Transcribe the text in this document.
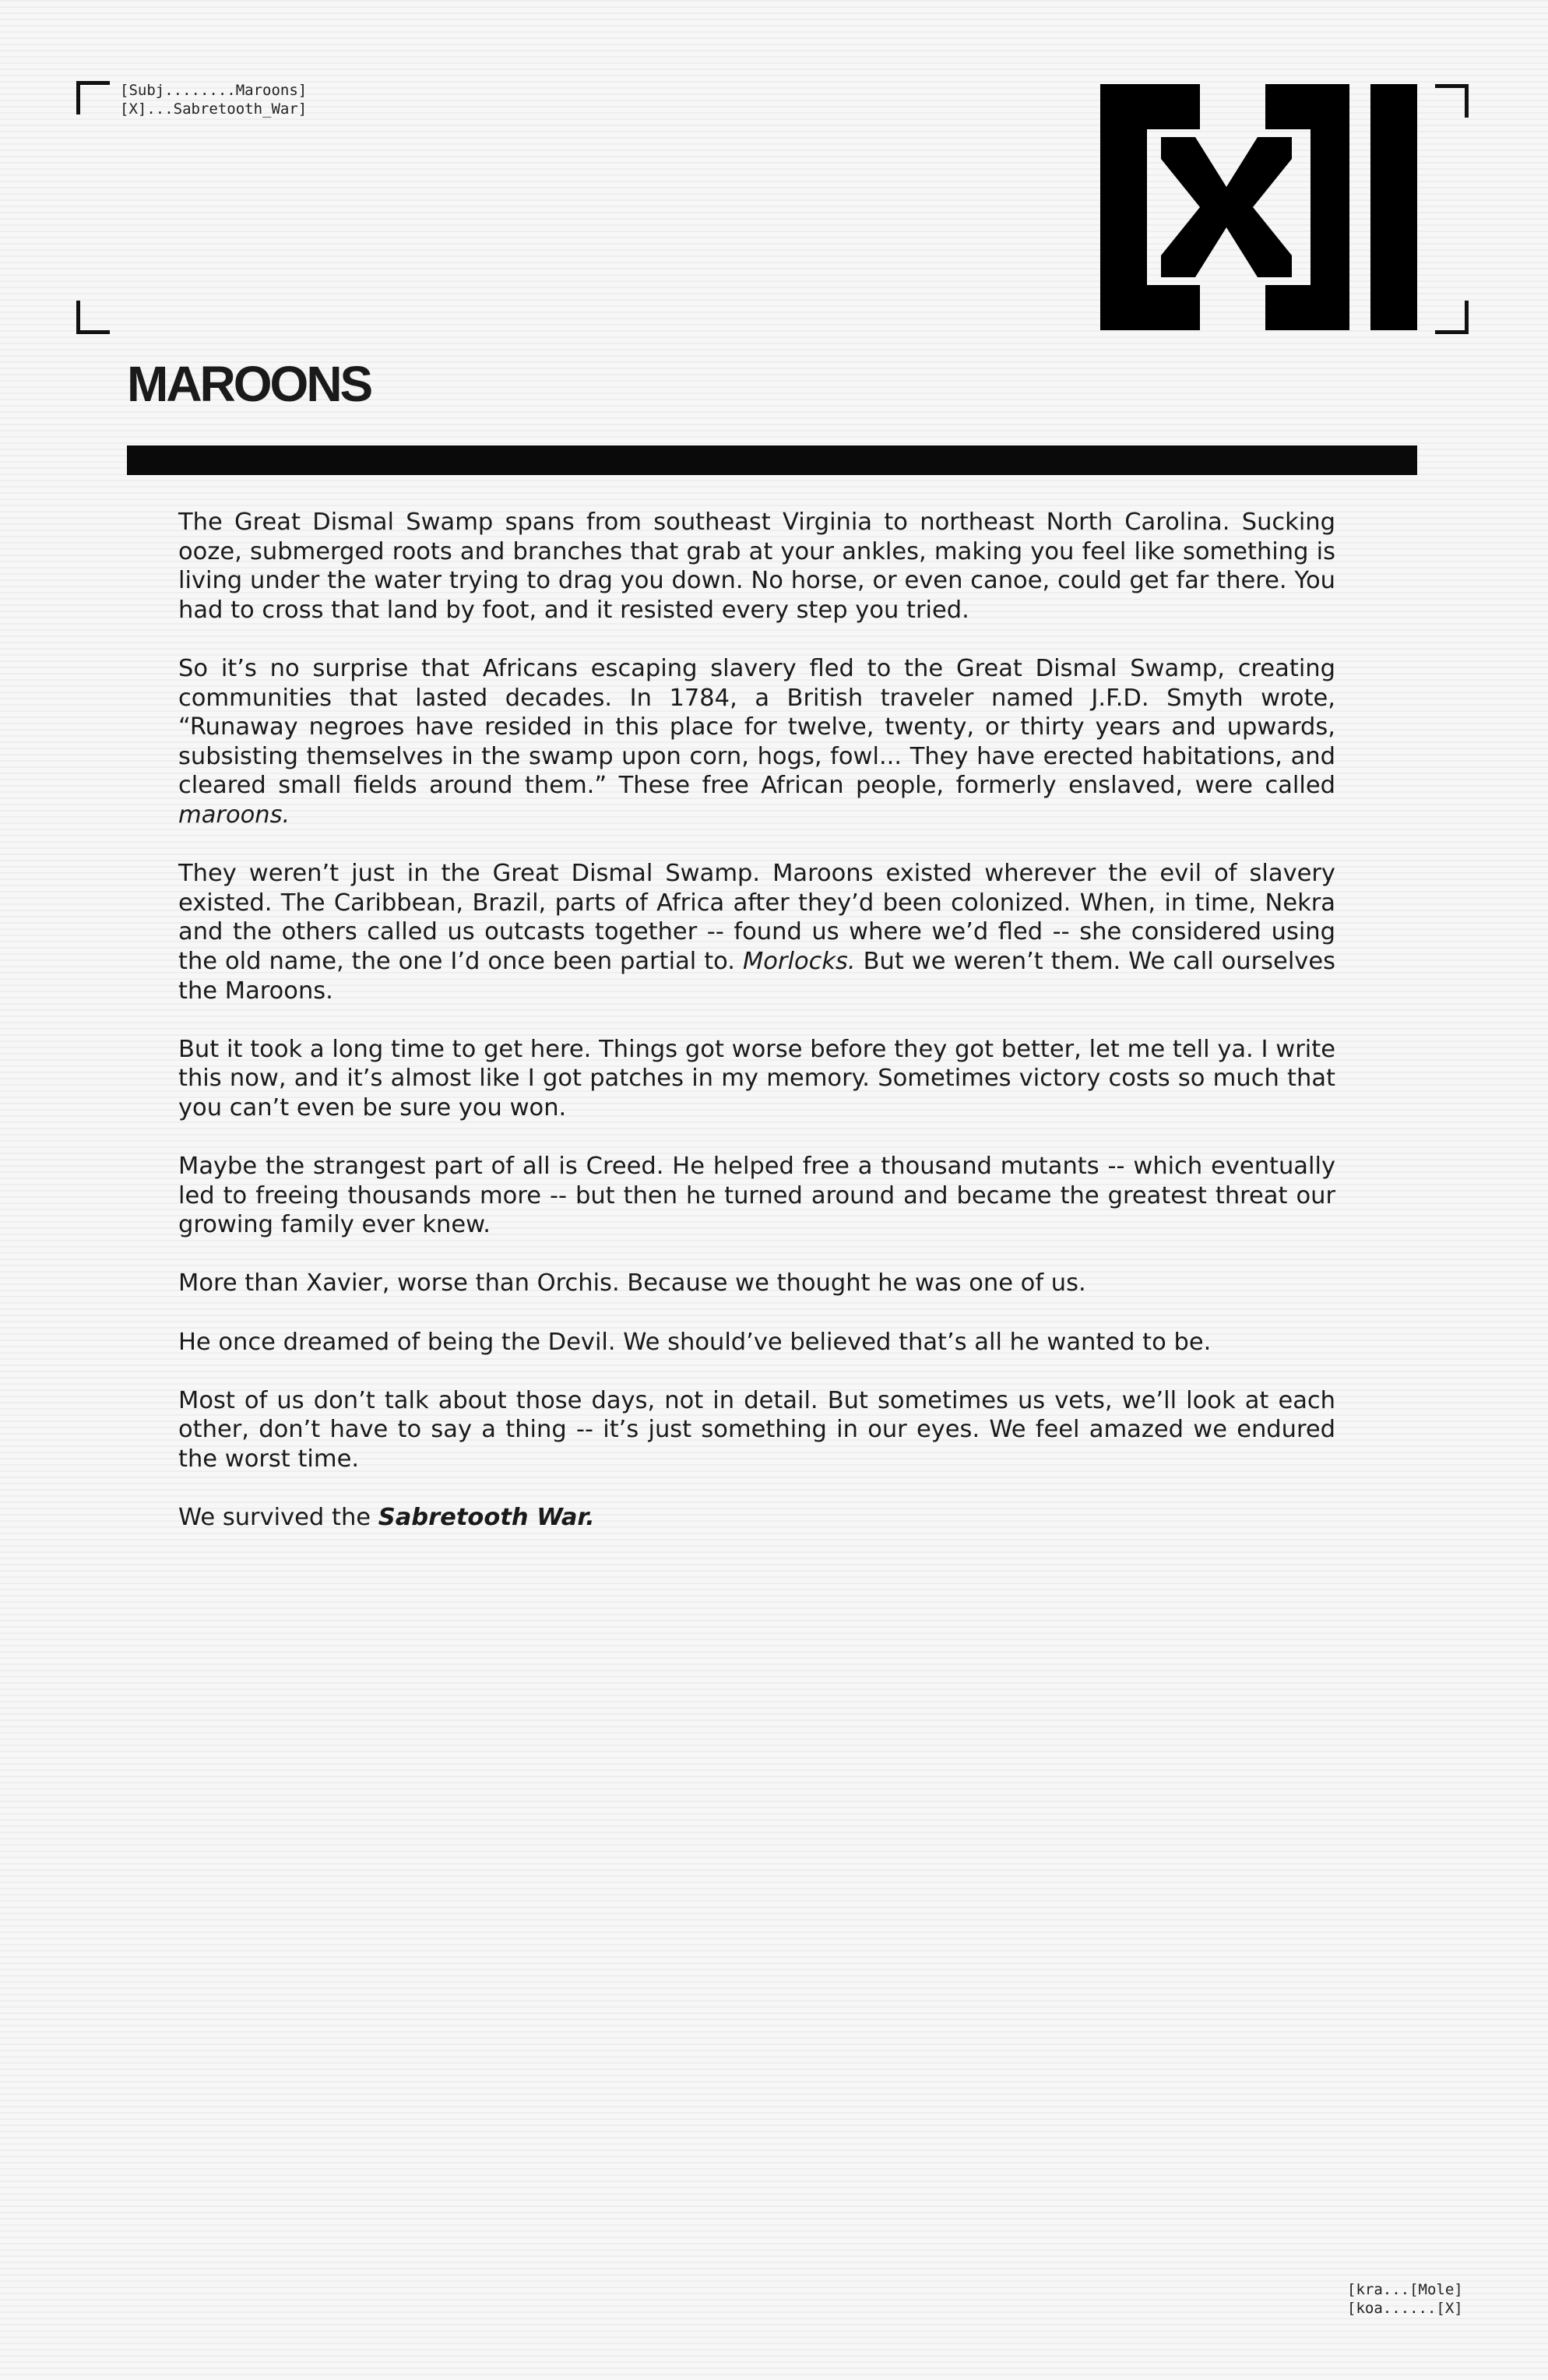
[Subj........Maroons]
[X]...Sabretooth_War]
MAROONS

The Great Dismal Swamp spans from southeast Virginia to northeast North Carolina. Sucking ooze, submerged roots and branches that grab at your ankles, making you feel like something is living under the water trying to drag you down. No horse, or even canoe, could get far there. You had to cross that land by foot, and it resisted every step you tried.

So it’s no surprise that Africans escaping slavery fled to the Great Dismal Swamp, creating communities that lasted decades. In 1784, a British traveler named J.F.D. Smyth wrote, “Runaway negroes have resided in this place for twelve, twenty, or thirty years and upwards, subsisting themselves in the swamp upon corn, hogs, fowl... They have erected habitations, and cleared small fields around them.” These free African people, formerly enslaved, were called maroons.

They weren’t just in the Great Dismal Swamp. Maroons existed wherever the evil of slavery existed. The Caribbean, Brazil, parts of Africa after they’d been colonized. When, in time, Nekra and the others called us outcasts together -- found us where we’d fled -- she considered using the old name, the one I’d once been partial to. Morlocks. But we weren’t them. We call ourselves the Maroons.

But it took a long time to get here. Things got worse before they got better, let me tell ya. I write this now, and it’s almost like I got patches in my memory. Sometimes victory costs so much that you can’t even be sure you won.

Maybe the strangest part of all is Creed. He helped free a thousand mutants -- which eventually led to freeing thousands more -- but then he turned around and became the greatest threat our growing family ever knew.

More than Xavier, worse than Orchis. Because we thought he was one of us.

He once dreamed of being the Devil. We should’ve believed that’s all he wanted to be.

Most of us don’t talk about those days, not in detail. But sometimes us vets, we’ll look at each other, don’t have to say a thing -- it’s just something in our eyes. We feel amazed we endured the worst time.

We survived the Sabretooth War.

[kra...[Mole]
[koa......[X]
